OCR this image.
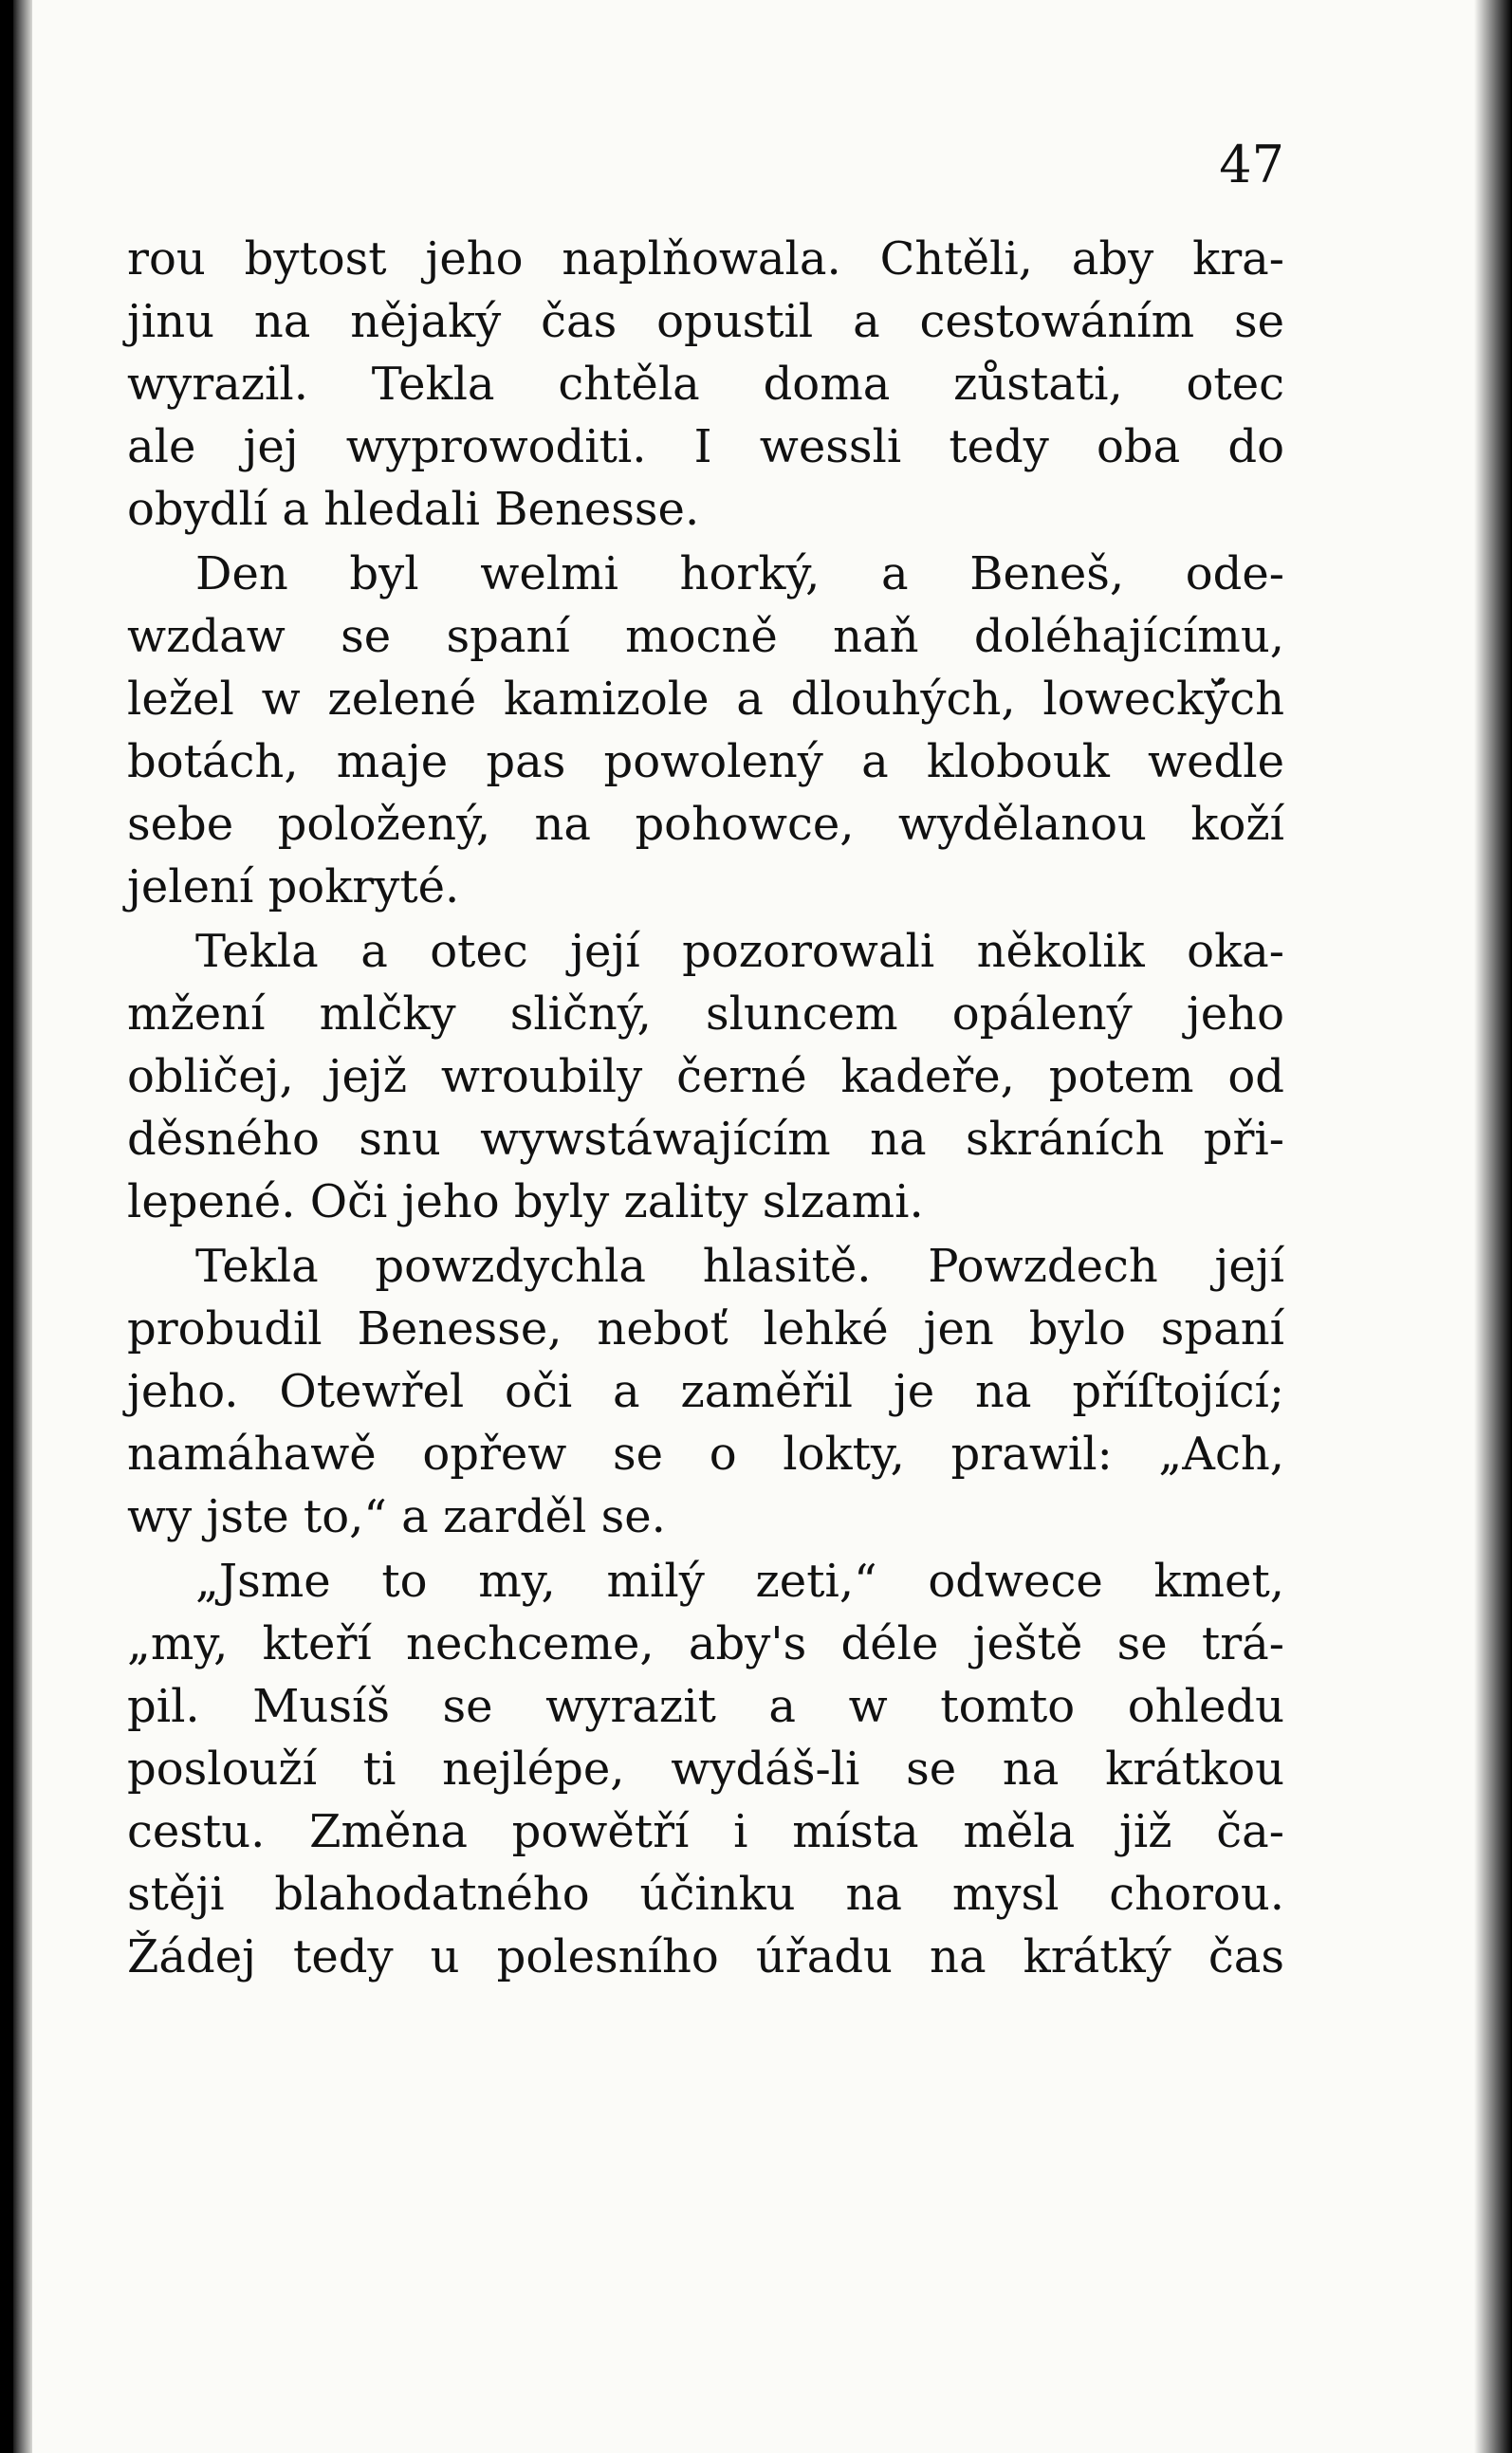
47
rou bytost jeho naplňowala. Chtěli, aby kra-
jinu na nějaký čas opustil a cestowáním se
wyrazil. Tekla chtěla doma zůstati, otec
ale jej wyprowoditi. I wessli tedy oba do
obydlí a hledali Benesse.
Den byl welmi horký, a Beneš, ode-
wzdaw se spaní mocně naň doléhajícímu,
ležel w zelené kamizole a dlouhých, lowecký̆ch
botách, maje pas powolený a klobouk wedle
sebe položený, na pohowce, wydělanou koží
jelení pokryté.
Tekla a otec její pozorowali několik oka-
mžení mlčky sličný, sluncem opálený jeho
obličej, jejž wroubily černé kadeře, potem od
děsného snu wywstáwajícím na skráních při-
lepené. Oči jeho byly zality slzami.
Tekla powzdychla hlasitě. Powzdech její
probudil Benesse, neboť lehké jen bylo spaní
jeho. Otewřel oči a zaměřil je na příſtojící;
namáhawě opřew se o lokty, prawil: „Ach,
wy jste to,“ a zarděl se.
„Jsme to my, milý zeti,“ odwece kmet,
„my, kteří nechceme, aby's déle ještě se trá-
pil. Musíš se wyrazit a w tomto ohledu
poslouží ti nejlépe, wydáš-li se na krátkou
cestu. Změna powětří i místa měla již ča-
stěji blahodatného účinku na mysl chorou.
Žádej tedy u polesního úřadu na krátký čas
